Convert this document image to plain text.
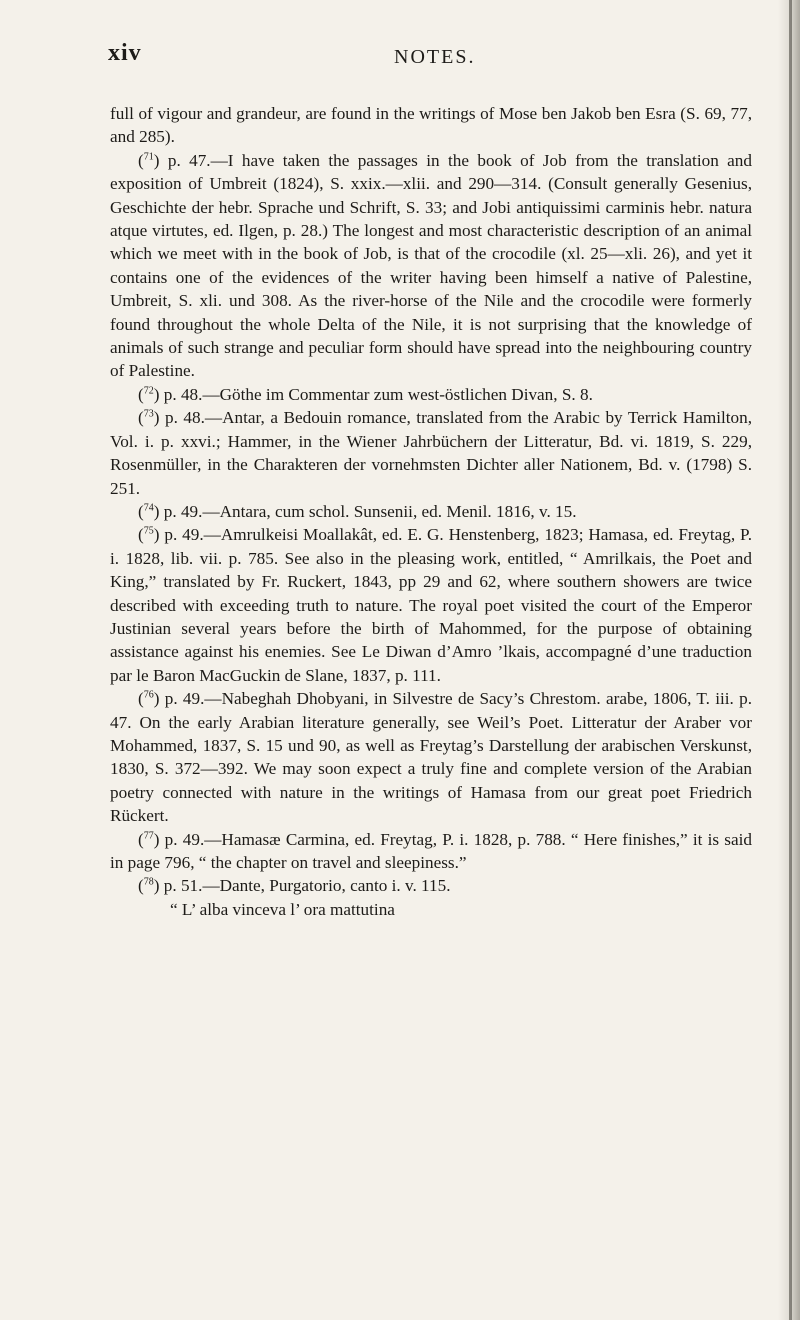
xiv	NOTES.

full of vigour and grandeur, are found in the writings of Mose ben Jakob ben Esra (S. 69, 77, and 285).

($^{71}$) p. 47.—I have taken the passages in the book of Job from the translation and exposition of Umbreit (1824), S. xxix.—xlii. and 290—314. (Consult generally Gesenius, Geschichte der hebr. Sprache und Schrift, S. 33; and Jobi antiquissimi carminis hebr. natura atque virtutes, ed. Ilgen, p. 28.) The longest and most characteristic description of an animal which we meet with in the book of Job, is that of the crocodile (xl. 25—xli. 26), and yet it contains one of the evidences of the writer having been himself a native of Palestine, Umbreit, S. xli. und 308. As the river-horse of the Nile and the crocodile were formerly found throughout the whole Delta of the Nile, it is not surprising that the knowledge of animals of such strange and peculiar form should have spread into the neighbouring country of Palestine.

($^{72}$) p. 48.—Göthe im Commentar zum west-östlichen Divan, S. 8.

($^{73}$) p. 48.—Antar, a Bedouin romance, translated from the Arabic by Terrick Hamilton, Vol. i. p. xxvi.; Hammer, in the Wiener Jahrbüchern der Litteratur, Bd. vi. 1819, S. 229, Rosenmüller, in the Charakteren der vornehmsten Dichter aller Nationem, Bd. v. (1798) S. 251.

($^{74}$) p. 49.—Antara, cum schol. Sunsenii, ed. Menil. 1816, v. 15.

($^{75}$) p. 49.—Amrulkeisi Moallakât, ed. E. G. Henstenberg, 1823; Hamasa, ed. Freytag, P. i. 1828, lib. vii. p. 785. See also in the pleasing work, entitled, “ Amrilkais, the Poet and King,” translated by Fr. Ruckert, 1843, pp 29 and 62, where southern showers are twice described with exceeding truth to nature. The royal poet visited the court of the Emperor Justinian several years before the birth of Mahommed, for the purpose of obtaining assistance against his enemies. See Le Diwan d’Amro ’lkais, accompagné d’une traduction par le Baron MacGuckin de Slane, 1837, p. 111.

($^{76}$) p. 49.—Nabeghah Dhobyani, in Silvestre de Sacy’s Chrestom. arabe, 1806, T. iii. p. 47. On the early Arabian literature generally, see Weil’s Poet. Litteratur der Araber vor Mohammed, 1837, S. 15 und 90, as well as Freytag’s Darstellung der arabischen Verskunst, 1830, S. 372—392. We may soon expect a truly fine and complete version of the Arabian poetry connected with nature in the writings of Hamasa from our great poet Friedrich Rückert.

($^{77}$) p. 49.—Hamasæ Carmina, ed. Freytag, P. i. 1828, p. 788. “ Here finishes,” it is said in page 796, “ the chapter on travel and sleepiness.”

($^{78}$) p. 51.—Dante, Purgatorio, canto i. v. 115.

“ L’ alba vinceva l’ ora mattutina
